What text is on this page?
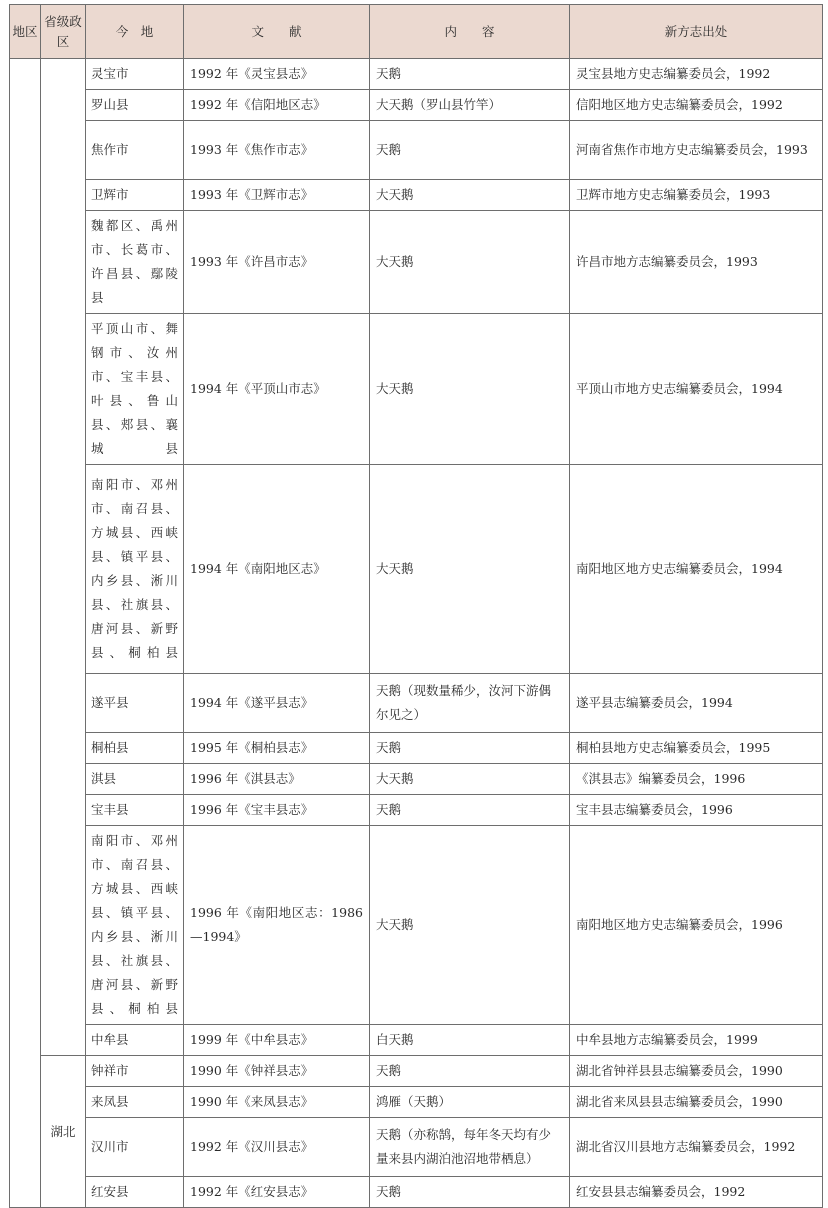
地区	省级政区	今　地	文　　献	内　　容	新方志出处
		灵宝市	1992 年《灵宝县志》	天鹅	灵宝县地方史志编纂委员会，1992
		罗山县	1992 年《信阳地区志》	大天鹅（罗山县竹竿）	信阳地区地方史志编纂委员会，1992
		焦作市	1993 年《焦作市志》	天鹅	河南省焦作市地方史志编纂委员会，1993
		卫辉市	1993 年《卫辉市志》	大天鹅	卫辉市地方史志编纂委员会，1993
		魏都区、禹州市、长葛市、许昌县、鄢陵县	1993 年《许昌市志》	大天鹅	许昌市地方志编纂委员会，1993
		平顶山市、舞钢市、汝州市、宝丰县、叶县、鲁山县、郏县、襄城县	1994 年《平顶山市志》	大天鹅	平顶山市地方史志编纂委员会，1994
		南阳市、邓州市、南召县、方城县、西峡县、镇平县、内乡县、淅川县、社旗县、唐河县、新野县、桐柏县	1994 年《南阳地区志》	大天鹅	南阳地区地方史志编纂委员会，1994
		遂平县	1994 年《遂平县志》	天鹅（现数量稀少，汝河下游偶尔见之）	遂平县志编纂委员会，1994
		桐柏县	1995 年《桐柏县志》	天鹅	桐柏县地方史志编纂委员会，1995
		淇县	1996 年《淇县志》	大天鹅	《淇县志》编纂委员会，1996
		宝丰县	1996 年《宝丰县志》	天鹅	宝丰县志编纂委员会，1996
		南阳市、邓州市、南召县、方城县、西峡县、镇平县、内乡县、淅川县、社旗县、唐河县、新野县、桐柏县	1996 年《南阳地区志：1986—1994》	大天鹅	南阳地区地方史志编纂委员会，1996
		中牟县	1999 年《中牟县志》	白天鹅	中牟县地方志编纂委员会，1999
	湖北	钟祥市	1990 年《钟祥县志》	天鹅	湖北省钟祥县县志编纂委员会，1990
		来凤县	1990 年《来凤县志》	鸿雁（天鹅）	湖北省来凤县县志编纂委员会，1990
		汉川市	1992 年《汉川县志》	天鹅（亦称鹄，每年冬天均有少量来县内湖泊池沼地带栖息）	湖北省汉川县地方志编纂委员会，1992
		红安县	1992 年《红安县志》	天鹅	红安县县志编纂委员会，1992
